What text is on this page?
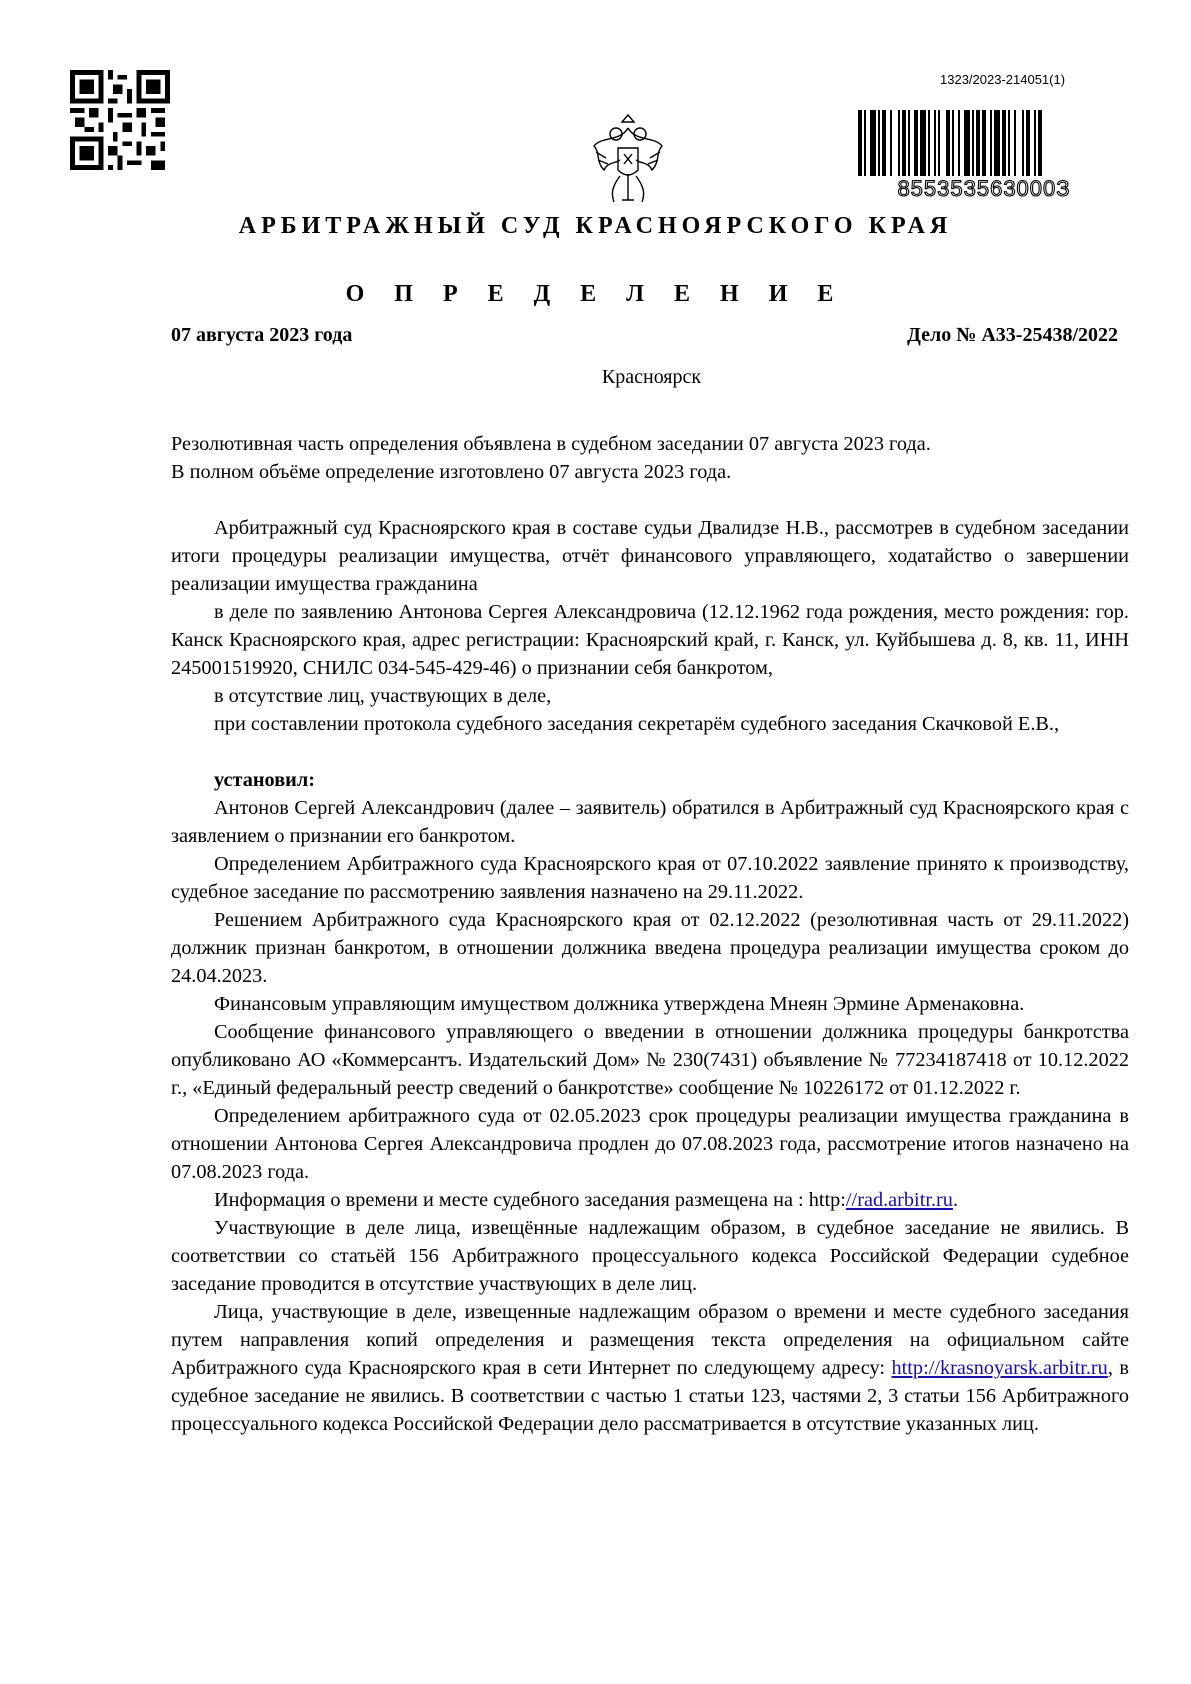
1323/2023-214051(1)
855353563000З
АРБИТРАЖНЫЙ СУД КРАСНОЯРСКОГО КРАЯ
О П Р Е Д Е Л Е Н И Е
07 августа 2023 года	Дело № А33-25438/2022
Красноярск

Резолютивная часть определения объявлена в судебном заседании 07 августа 2023 года.

В полном объёме определение изготовлено 07 августа 2023 года.

Арбитражный суд Красноярского края в составе судьи Двалидзе Н.В., рассмотрев в судебном заседании итоги процедуры реализации имущества, отчёт финансового управляющего, ходатайство о завершении реализации имущества гражданина

в деле по заявлению Антонова Сергея Александровича (12.12.1962 года рождения, место рождения: гор. Канск Красноярского края, адрес регистрации: Красноярский край, г. Канск, ул. Куйбышева д. 8, кв. 11, ИНН 245001519920, СНИЛС 034-545-429-46) о признании себя банкротом,

в отсутствие лиц, участвующих в деле,

при составлении протокола судебного заседания секретарём судебного заседания Скачковой Е.В.,

установил:

Антонов Сергей Александрович (далее – заявитель) обратился в Арбитражный суд Красноярского края с заявлением о признании его банкротом.

Определением Арбитражного суда Красноярского края от 07.10.2022 заявление принято к производству, судебное заседание по рассмотрению заявления назначено на 29.11.2022.

Решением Арбитражного суда Красноярского края от 02.12.2022 (резолютивная часть от 29.11.2022) должник признан банкротом, в отношении должника введена процедура реализации имущества сроком до 24.04.2023.

Финансовым управляющим имуществом должника утверждена Мнеян Эрмине Арменаковна.

Сообщение финансового управляющего о введении в отношении должника процедуры банкротства опубликовано АО «Коммерсантъ. Издательский Дом» № 230(7431) объявление № 77234187418 от 10.12.2022 г., «Единый федеральный реестр сведений о банкротстве» сообщение № 10226172 от 01.12.2022 г.

Определением арбитражного суда от 02.05.2023 срок процедуры реализации имущества гражданина в отношении Антонова Сергея Александровича продлен до 07.08.2023 года, рассмотрение итогов назначено на 07.08.2023 года.

Информация о времени и месте судебного заседания размещена на : http://rad.arbitr.ru.

Участвующие в деле лица, извещённые надлежащим образом, в судебное заседание не явились. В соответствии со статьёй 156 Арбитражного процессуального кодекса Российской Федерации судебное заседание проводится в отсутствие участвующих в деле лиц.

Лица, участвующие в деле, извещенные надлежащим образом о времени и месте судебного заседания путем направления копий определения и размещения текста определения на официальном сайте Арбитражного суда Красноярского края в сети Интернет по следующему адресу: http://krasnoyarsk.arbitr.ru, в судебное заседание не явились. В соответствии с частью 1 статьи 123, частями 2, 3 статьи 156 Арбитражного процессуального кодекса Российской Федерации дело рассматривается в отсутствие указанных лиц.
